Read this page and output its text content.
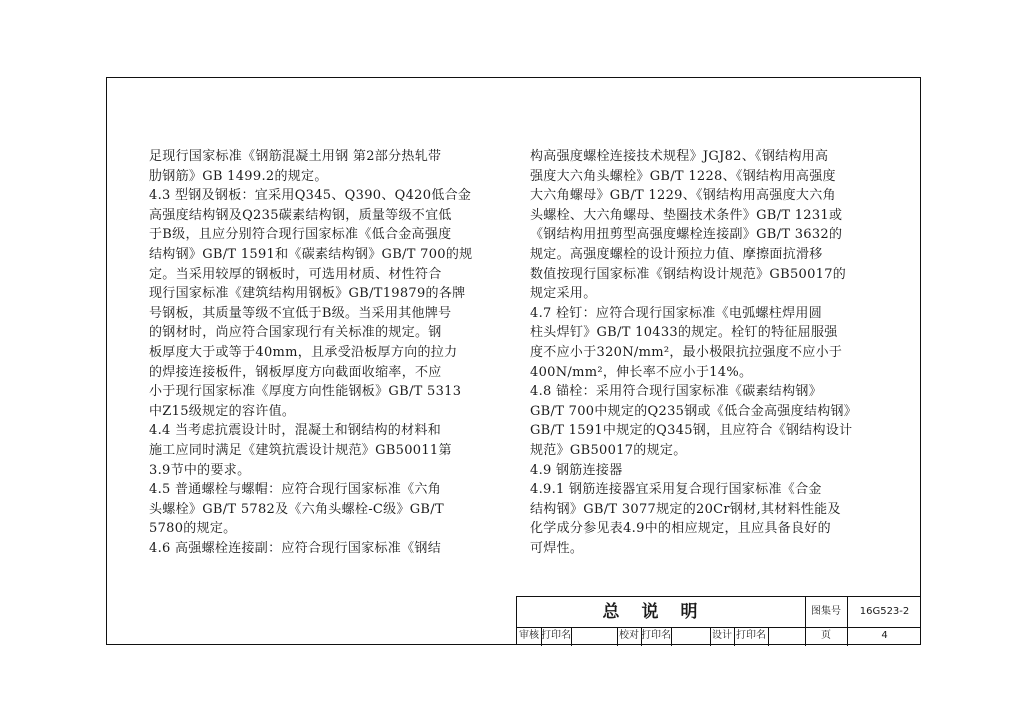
足现行国家标准《钢筋混凝土用钢 第2部分热轧带

肋钢筋》GB 1499.2的规定。

4.3 型钢及钢板：宜采用Q345、Q390、Q420低合金

高强度结构钢及Q235碳素结构钢，质量等级不宜低

于B级，且应分别符合现行国家标准《低合金高强度

结构钢》GB/T 1591和《碳素结构钢》GB/T 700的规

定。当采用较厚的钢板时，可选用材质、材性符合

现行国家标准《建筑结构用钢板》GB/T19879的各牌

号钢板，其质量等级不宜低于B级。当采用其他牌号

的钢材时，尚应符合国家现行有关标准的规定。钢

板厚度大于或等于40mm，且承受沿板厚方向的拉力

的焊接连接板件，钢板厚度方向截面收缩率，不应

小于现行国家标准《厚度方向性能钢板》GB/T 5313

中Z15级规定的容许值。

4.4 当考虑抗震设计时，混凝土和钢结构的材料和

施工应同时满足《建筑抗震设计规范》GB50011第

3.9节中的要求。

4.5 普通螺栓与螺帽：应符合现行国家标准《六角

头螺栓》GB/T 5782及《六角头螺栓-C级》GB/T

5780的规定。

4.6 高强螺栓连接副：应符合现行国家标准《钢结

构高强度螺栓连接技术规程》JGJ82、《钢结构用高

强度大六角头螺栓》GB/T 1228、《钢结构用高强度

大六角螺母》GB/T 1229、《钢结构用高强度大六角

头螺栓、大六角螺母、垫圈技术条件》GB/T 1231或

《钢结构用扭剪型高强度螺栓连接副》GB/T 3632的

规定。高强度螺栓的设计预拉力值、摩擦面抗滑移

数值按现行国家标准《钢结构设计规范》GB50017的

规定采用。

4.7 栓钉：应符合现行国家标准《电弧螺柱焊用圆

柱头焊钉》GB/T 10433的规定。栓钉的特征屈服强

度不应小于320N/mm²，最小极限抗拉强度不应小于

400N/mm²，伸长率不应小于14%。

4.8 锚栓：采用符合现行国家标准《碳素结构钢》

GB/T 700中规定的Q235钢或《低合金高强度结构钢》

GB/T 1591中规定的Q345钢，且应符合《钢结构设计

规范》GB50017的规定。

4.9 钢筋连接器

4.9.1 钢筋连接器宜采用复合现行国家标准《合金

结构钢》GB/T 3077规定的20Cr钢材,其材料性能及

化学成分参见表4.9中的相应规定，且应具备良好的

可焊性。

总说明	图集号	16G523-2
审核 打印名	校对 打印名	设计 打印名	页	4
